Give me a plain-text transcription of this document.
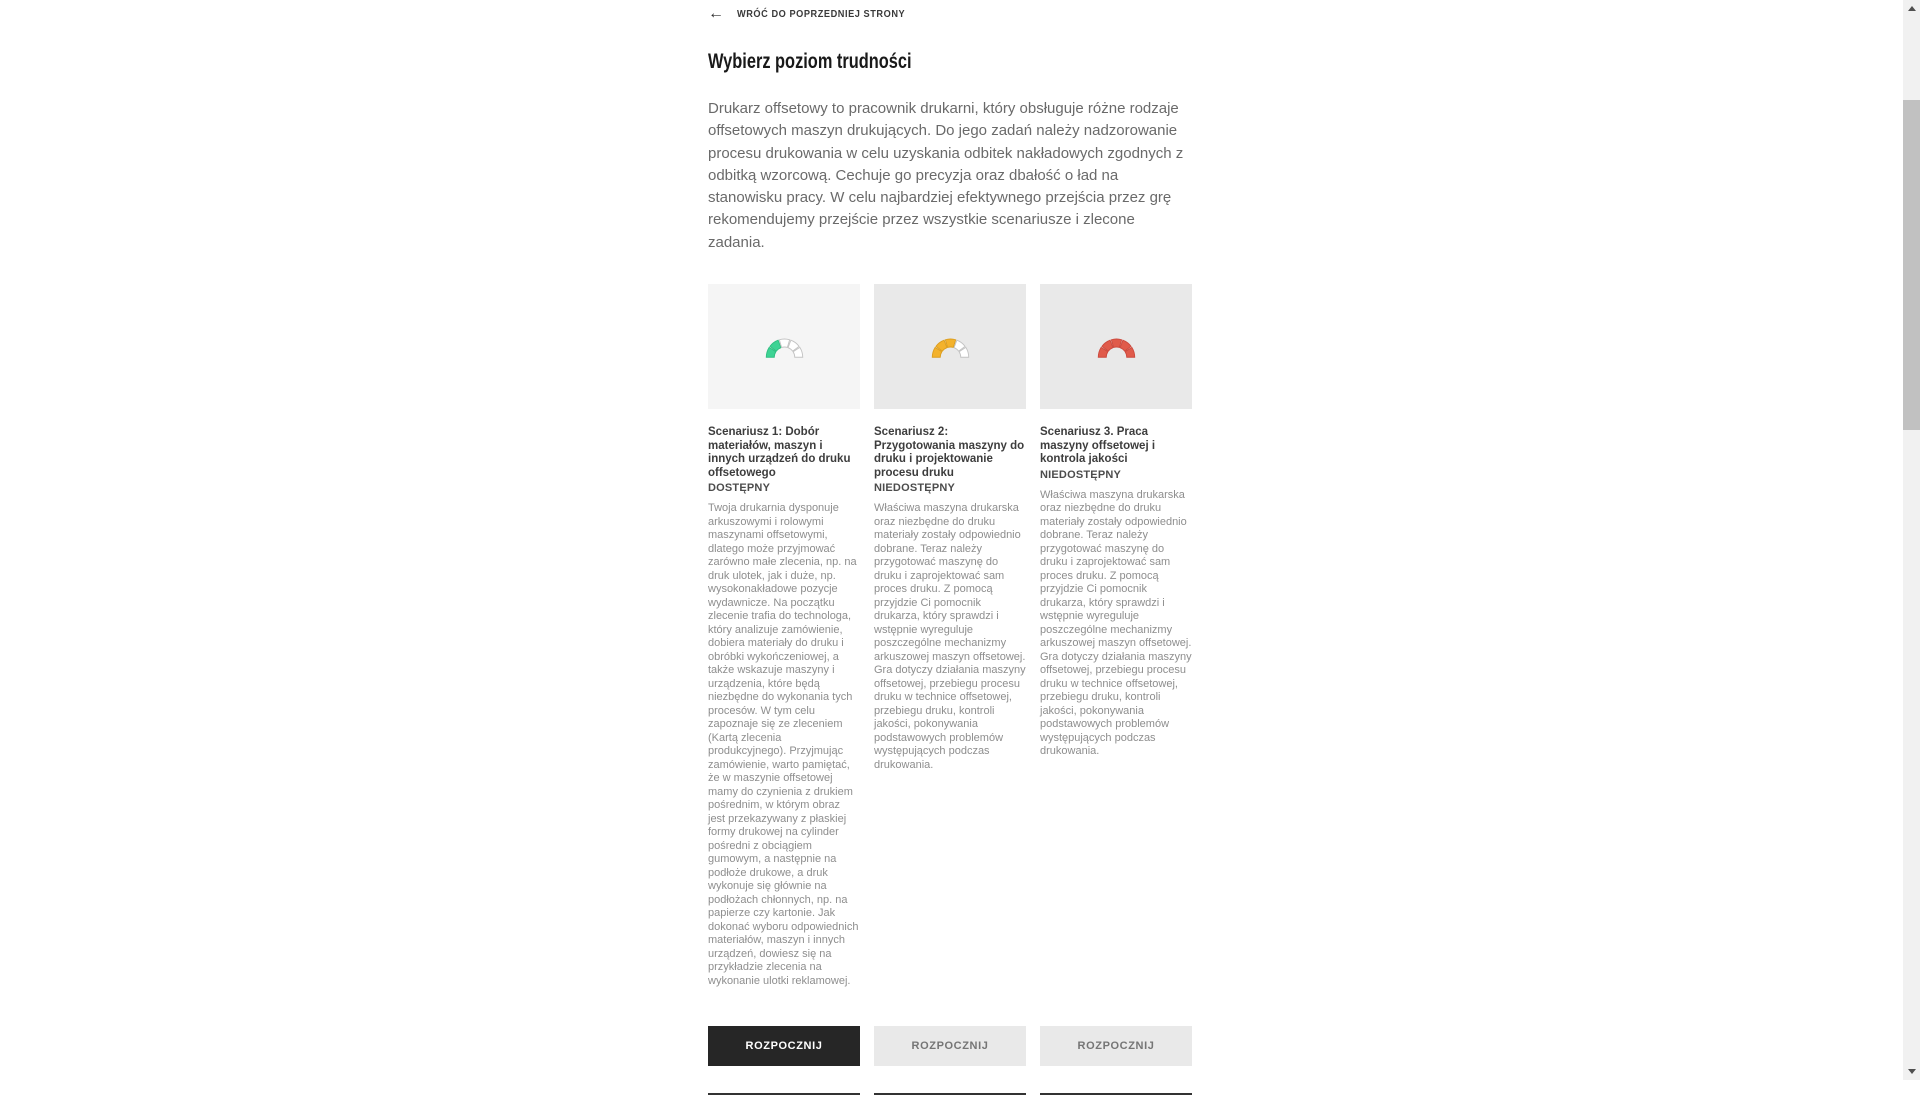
← WRÓĆ DO POPRZEDNIEJ STRONY
Wybierz poziom trudności

Drukarz offsetowy to pracownik drukarni, który obsługuje różne rodzaje offsetowych maszyn drukujących. Do jego zadań należy nadzorowanie procesu drukowania w celu uzyskania odbitek nakładowych zgodnych z odbitką wzorcową. Cechuje go precyzja oraz dbałość o ład na stanowisku pracy. W celu najbardziej efektywnego przejścia przez grę rekomendujemy przejście przez wszystkie scenariusze i zlecone zadania.

Scenariusz 1: Dobór materiałów, maszyn i innych urządzeń do druku offsetowego
DOSTĘPNY

Twoja drukarnia dysponuje arkuszowymi i rolowymi maszynami offsetowymi, dlatego może przyjmować zarówno małe zlecenia, np. na druk ulotek, jak i duże, np. wysokonakładowe pozycje wydawnicze. Na początku zlecenie trafia do technologa, który analizuje zamówienie, dobiera materiały do druku i obróbki wykończeniowej, a także wskazuje maszyny i urządzenia, które będą niezbędne do wykonania tych procesów. W tym celu zapoznaje się ze zleceniem (Kartą zlecenia produkcyjnego). Przyjmując zamówienie, warto pamiętać, że w maszynie offsetowej mamy do czynienia z drukiem pośrednim, w którym obraz jest przekazywany z płaskiej formy drukowej na cylinder pośredni z obciągiem gumowym, a następnie na podłoże drukowe, a druk wykonuje się głównie na podłożach chłonnych, np. na papierze czy kartonie. Jak dokonać wyboru odpowiednich materiałów, maszyn i innych urządzeń, dowiesz się na przykładzie zlecenia na wykonanie ulotki reklamowej.

ROZPOCZNIJ
Scenariusz 2: Przygotowania maszyny do druku i projektowanie procesu druku
NIEDOSTĘPNY

Właściwa maszyna drukarska oraz niezbędne do druku materiały zostały odpowiednio dobrane. Teraz należy przygotować maszynę do druku i zaprojektować sam proces druku. Z pomocą przyjdzie Ci pomocnik drukarza, który sprawdzi i wstępnie wyreguluje poszczególne mechanizmy arkuszowej maszyn offsetowej. Gra dotyczy działania maszyny offsetowej, przebiegu procesu druku w technice offsetowej, przebiegu druku, kontroli jakości, pokonywania podstawowych problemów występujących podczas drukowania.

ROZPOCZNIJ
Scenariusz 3. Praca maszyny offsetowej i kontrola jakości
NIEDOSTĘPNY

Właściwa maszyna drukarska oraz niezbędne do druku materiały zostały odpowiednio dobrane. Teraz należy przygotować maszynę do druku i zaprojektować sam proces druku. Z pomocą przyjdzie Ci pomocnik drukarza, który sprawdzi i wstępnie wyreguluje poszczególne mechanizmy arkuszowej maszyn offsetowej. Gra dotyczy działania maszyny offsetowej, przebiegu procesu druku w technice offsetowej, przebiegu druku, kontroli jakości, pokonywania podstawowych problemów występujących podczas drukowania.

ROZPOCZNIJ
